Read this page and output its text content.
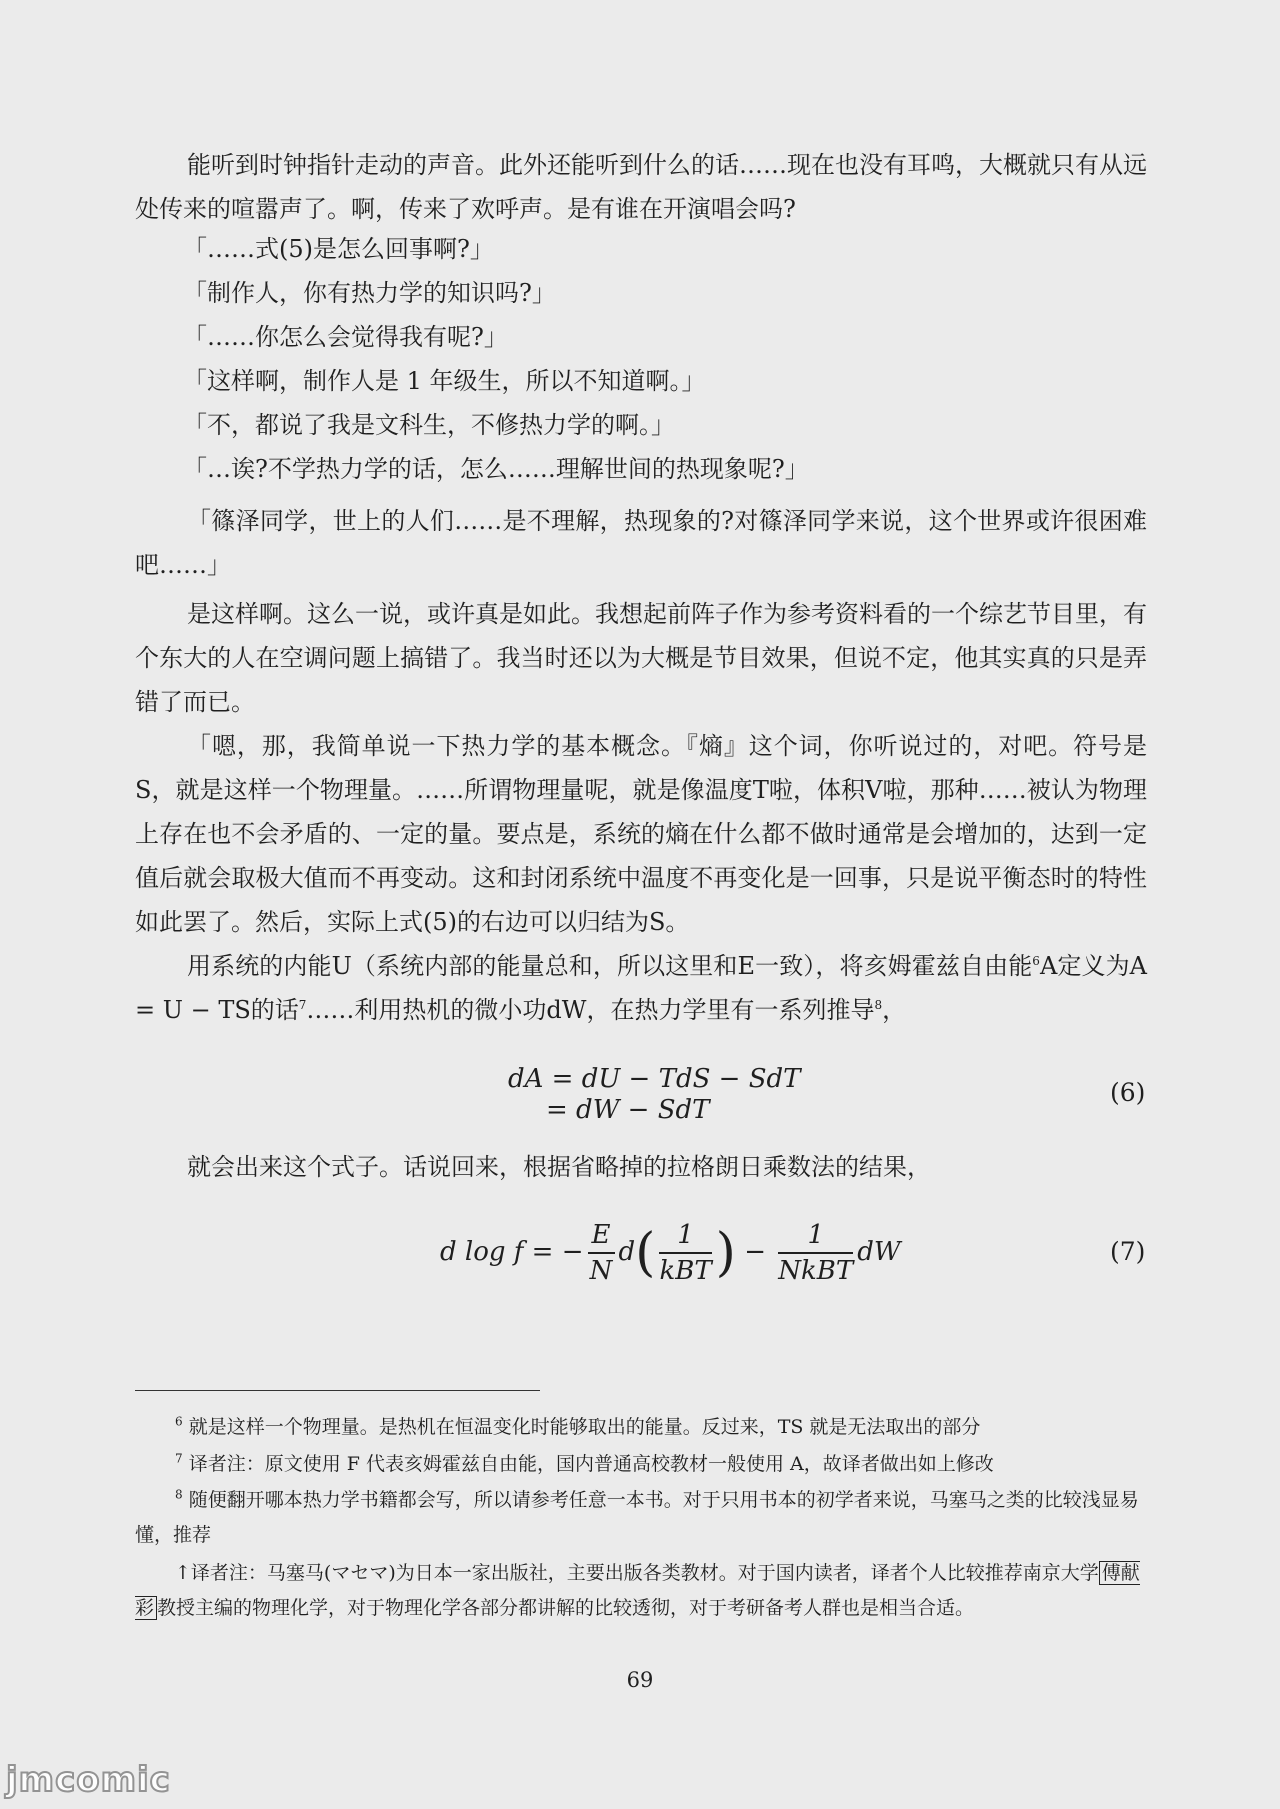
能听到时钟指针走动的声音。此外还能听到什么的话……现在也没有耳鸣，大概就只有从远处传来的喧嚣声了。啊，传来了欢呼声。是有谁在开演唱会吗?

「……式(5)是怎么回事啊?」

「制作人，你有热力学的知识吗?」

「……你怎么会觉得我有呢?」

「这样啊，制作人是 1 年级生，所以不知道啊。」

「不，都说了我是文科生，不修热力学的啊。」

「…诶?不学热力学的话，怎么……理解世间的热现象呢?」

「篠泽同学，世上的人们……是不理解，热现象的?对篠泽同学来说，这个世界或许很困难吧……」

是这样啊。这么一说，或许真是如此。我想起前阵子作为参考资料看的一个综艺节目里，有个东大的人在空调问题上搞错了。我当时还以为大概是节目效果，但说不定，他其实真的只是弄错了而已。

「嗯，那，我简单说一下热力学的基本概念。『熵』这个词，你听说过的，对吧。符号是S，就是这样一个物理量。……所谓物理量呢，就是像温度T啦，体积V啦，那种……被认为物理上存在也不会矛盾的、一定的量。要点是，系统的熵在什么都不做时通常是会增加的，达到一定值后就会取极大值而不再变动。这和封闭系统中温度不再变化是一回事，只是说平衡态时的特性如此罢了。然后，实际上式(5)的右边可以归结为S。

用系统的内能U（系统内部的能量总和，所以这里和E一致），将亥姆霍兹自由能$^6$A定义为A = U − TS的话$^7$……利用热机的微小功dW，在热力学里有一系列推导$^8$，

dA = dU − TdS − SdT
= dW − SdT
(6)

就会出来这个式子。话说回来，根据省略掉的拉格朗日乘数法的结果，

d log f = − $\frac{E}{N} d( \frac{1}{\text{kBT}}$ ) − $\frac{1}{\text{NkBT}}$ dW	(7)

$^6$ 就是这样一个物理量。是热机在恒温变化时能够取出的能量。反过来，TS 就是无法取出的部分

$^7$ 译者注：原文使用 F 代表亥姆霍兹自由能，国内普通高校教材一般使用 A，故译者做出如上修改

$^8$ 随便翻开哪本热力学书籍都会写，所以请参考任意一本书。对于只用书本的初学者来说，马塞马之类的比较浅显易懂，推荐

↑译者注：马塞马(マセマ)为日本一家出版社，主要出版各类教材。对于国内读者，译者个人比较推荐南京大学 傅献彩 教授主编的物理化学，对于物理化学各部分都讲解的比较透彻，对于考研备考人群也是相当合适。

69
jmcomic
